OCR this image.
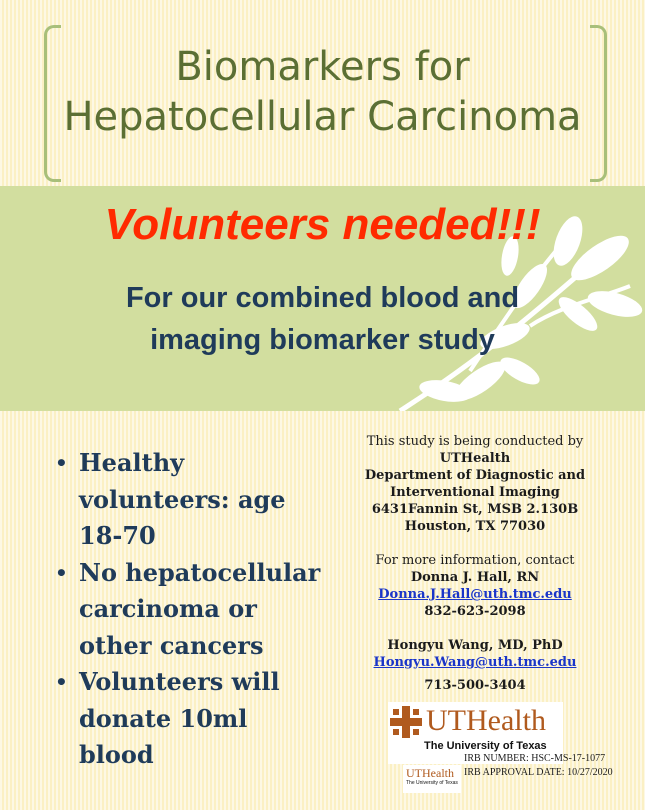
Biomarkers for
Hepatocellular Carcinoma
Volunteers needed!!!
For our combined blood and
imaging biomarker study
• Healthy volunteers: age 18-70
• No hepatocellular carcinoma or other cancers
• Volunteers will donate 10ml blood
This study is being conducted by
UTHealth
Department of Diagnostic and
Interventional Imaging
6431Fannin St, MSB 2.130B
Houston, TX 77030
For more information, contact
Donna J. Hall, RN
Donna.J.Hall@uth.tmc.edu
832-623-2098
Hongyu Wang, MD, PhD
Hongyu.Wang@uth.tmc.edu
713-500-3404
UTHealth
The University of Texas
UTHealth
The University of Texas
IRB NUMBER: HSC-MS-17-1077
IRB APPROVAL DATE: 10/27/2020
